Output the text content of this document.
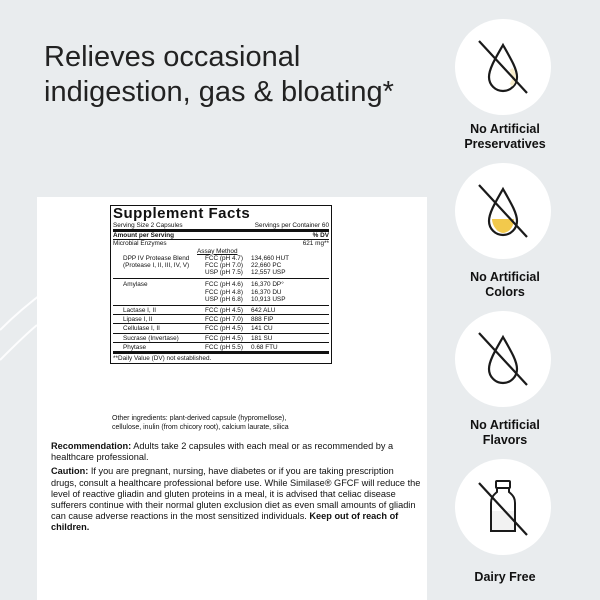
Relieves occasional
indigestion, gas & bloating*
Supplement Facts
Serving Size 2 Capsules	Servings per Container 60
Amount per Serving	% DV
Microbial Enzymes	621 mg**
Assay Method
DPP IV Protease Blend	FCC (pH 4.7)	134,660 HUT
(Protease I, II, III, IV, V)	FCC (pH 7.0)	22,660 PC
USP (pH 7.5)	12,557 USP
Amylase	FCC (pH 4.6)	16,370 DP°
FCC (pH 4.8)	16,370 DU
USP (pH 6.8)	10,913 USP
Lactase I, II	FCC (pH 4.5)	642 ALU
Lipase I, II	FCC (pH 7.0)	888 FIP
Cellulase I, II	FCC (pH 4.5)	141 CU
Sucrase (Invertase)	FCC (pH 4.5)	181 SU
Phytase	FCC (pH 5.5)	0.68 FTU
**Daily Value (DV) not established.
Other ingredients: plant-derived capsule (hypromellose),
cellulose, inulin (from chicory root), calcium laurate, silica

Recommendation: Adults take 2 capsules with each meal or as recommended by a healthcare professional.

Caution: If you are pregnant, nursing, have diabetes or if you are taking prescription drugs, consult a healthcare professional before use. While Similase® GFCF will reduce the level of reactive gliadin and gluten proteins in a meal, it is advised that celiac disease sufferers continue with their normal gluten exclusion diet as even small amounts of gliadin can cause adverse reactions in the most sensitized individuals. Keep out of reach of children.

No Artificial
Preservatives
No Artificial
Colors
No Artificial
Flavors
Dairy Free
